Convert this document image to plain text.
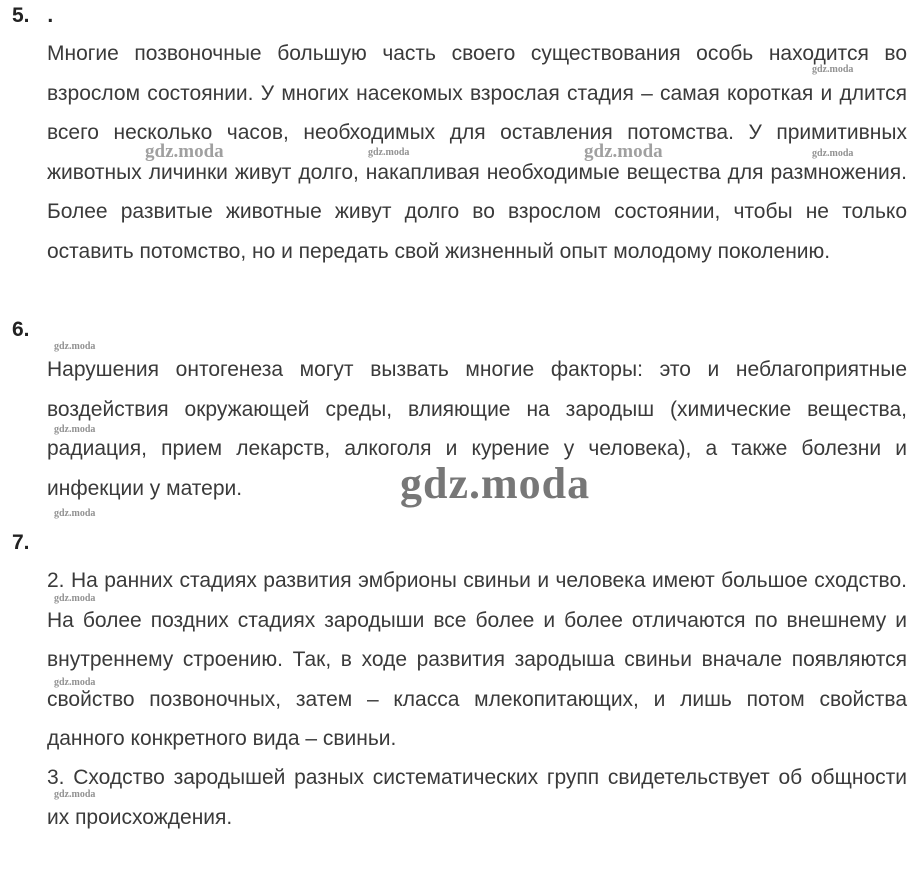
5. .

Многие позвоночные большую часть своего существования особь находится во взрослом состоянии. У многих насекомых взрослая стадия – самая короткая и длится всего несколько часов, необходимых для оставления потомства. У примитивных животных личинки живут долго, накапливая необходимые вещества для размножения. Более развитые животные живут долго во взрослом состоянии, чтобы не только оставить потомство, но и передать свой жизненный опыт молодому поколению.

6.

Нарушения онтогенеза могут вызвать многие факторы: это и неблагоприятные воздействия окружающей среды, влияющие на зародыш (химические вещества, радиация, прием лекарств, алкоголя и курение у человека), а также болезни и инфекции у матери.

7.

2. На ранних стадиях развития эмбрионы свиньи и человека имеют большое сходство. На более поздних стадиях зародыши все более и более отличаются по внешнему и внутреннему строению. Так, в ходе развития зародыша свиньи вначале появляются свойство позвоночных, затем – класса млекопитающих, и лишь потом свойства данного конкретного вида – свиньи.

3. Сходство зародышей разных систематических групп свидетельствует об общности их происхождения.

gdz.moda
gdz.moda	gdz.moda	gdz.moda	gdz.moda
gdz.moda
gdz.moda
gdz.moda
gdz.moda
gdz.moda
gdz.moda
gdz.moda
